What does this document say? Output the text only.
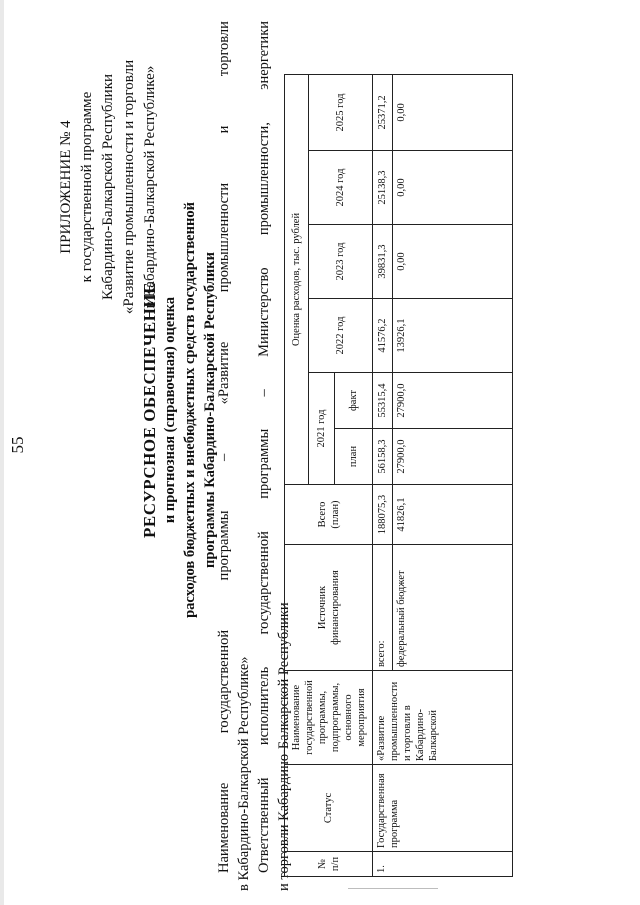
55
ПРИЛОЖЕНИЕ № 4 к государственной программе Кабардино-Балкарской Республики «Развитие промышленности и торговли в Кабардино-Балкарской Республике»
РЕСУРСНОЕ ОБЕСПЕЧЕНИЕ и прогнозная (справочная) оценка расходов бюджетных и внебюджетных средств государственной программы Кабардино-Балкарской Республики
Наименование
государственной
программы
–
«Развитие
промышленности
и
торговли
в Кабардино-Балкарской Республике» Ответственный
исполнитель
государственной
программы
–
Министерство
промышленности,
энергетики
и торговли Кабардино-Балкарской Республики № п/п	Статус	Наименование государственной программы, подпрограммы, основного мероприятия	Источник финансирования	Всего (план)	Оценка расходов, тыс. рублей					
					2021 год		2022 год	2023 год	2024 год	2025 год
					план	факт				
1.	Государственная программа	«Развитие промышленности и торговли в Кабардино-Балкарской	всего:	188075,3	56158,3	55315,4	41576,2	39831,3	25138,3	25371,2
			федеральный бюджет	41826,1	27900,0	27900,0	13926,1	0,00	0,00	0,00
